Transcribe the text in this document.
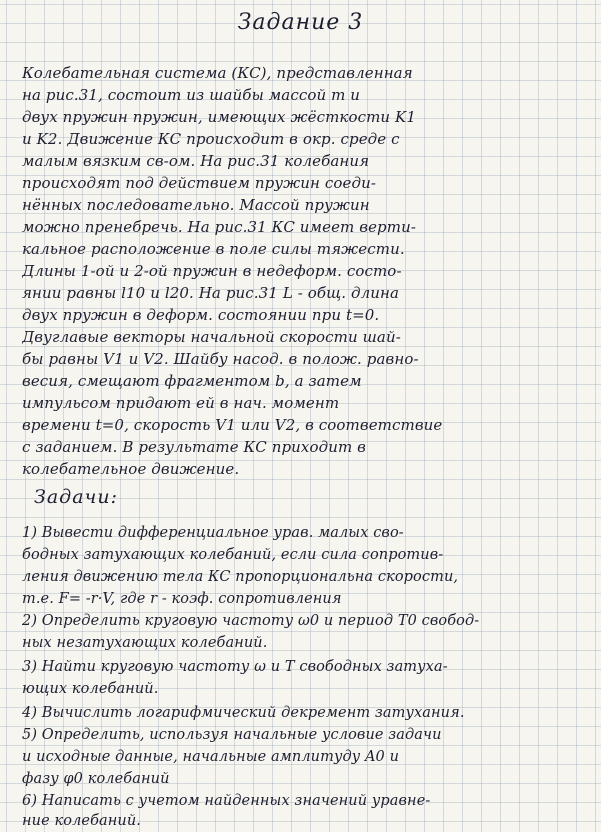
Задание 3
Колебательная система (КС), представленная
на рис.31, состоит из шайбы массой m и
двух пружин пружин, имеющих жёсткости K1
и K2. Движение КС происходит в окр. среде с
малым вязким св-ом. На рис.31 колебания
происходят под действием пружин соеди-
нённых последовательно. Массой пружин
можно пренебречь. На рис.31 КС имеет верти-
кальное расположение в поле силы тяжести.
Длины 1-ой и 2-ой пружин в недеформ. состо-
янии равны l10 и l20. На рис.31 L - общ. длина
двух пружин в деформ. состоянии при t=0.
Двуглавые векторы начальной скорости шай-
бы равны V1 и V2. Шайбу насод. в полож. равно-
весия, смещают фрагментом b, а затем
импульсом придают ей в нач. момент
времени t=0, скорость V1 или V2, в соответствие
с заданием. В результате КС приходит в
колебательное движение.
Задачи:
1) Вывести дифференциальное урав. малых сво-
бодных затухающих колебаний, если сила сопротив-
ления движению тела КС пропорциональна скорости,
т.е. F= -r·V, где r - коэф. сопротивления
2) Определить круговую частоту ω0 и период T0 свобод-
ных незатухающих колебаний.
3) Найти круговую частоту ω и T свободных затуха-
ющих колебаний.
4) Вычислить логарифмический декремент затухания.
5) Определить, используя начальные условие задачи
и исходные данные, начальные амплитуду A0 и
фазу φ0 колебаний
6) Написать с учетом найденных значений уравне-
ние колебаний.
